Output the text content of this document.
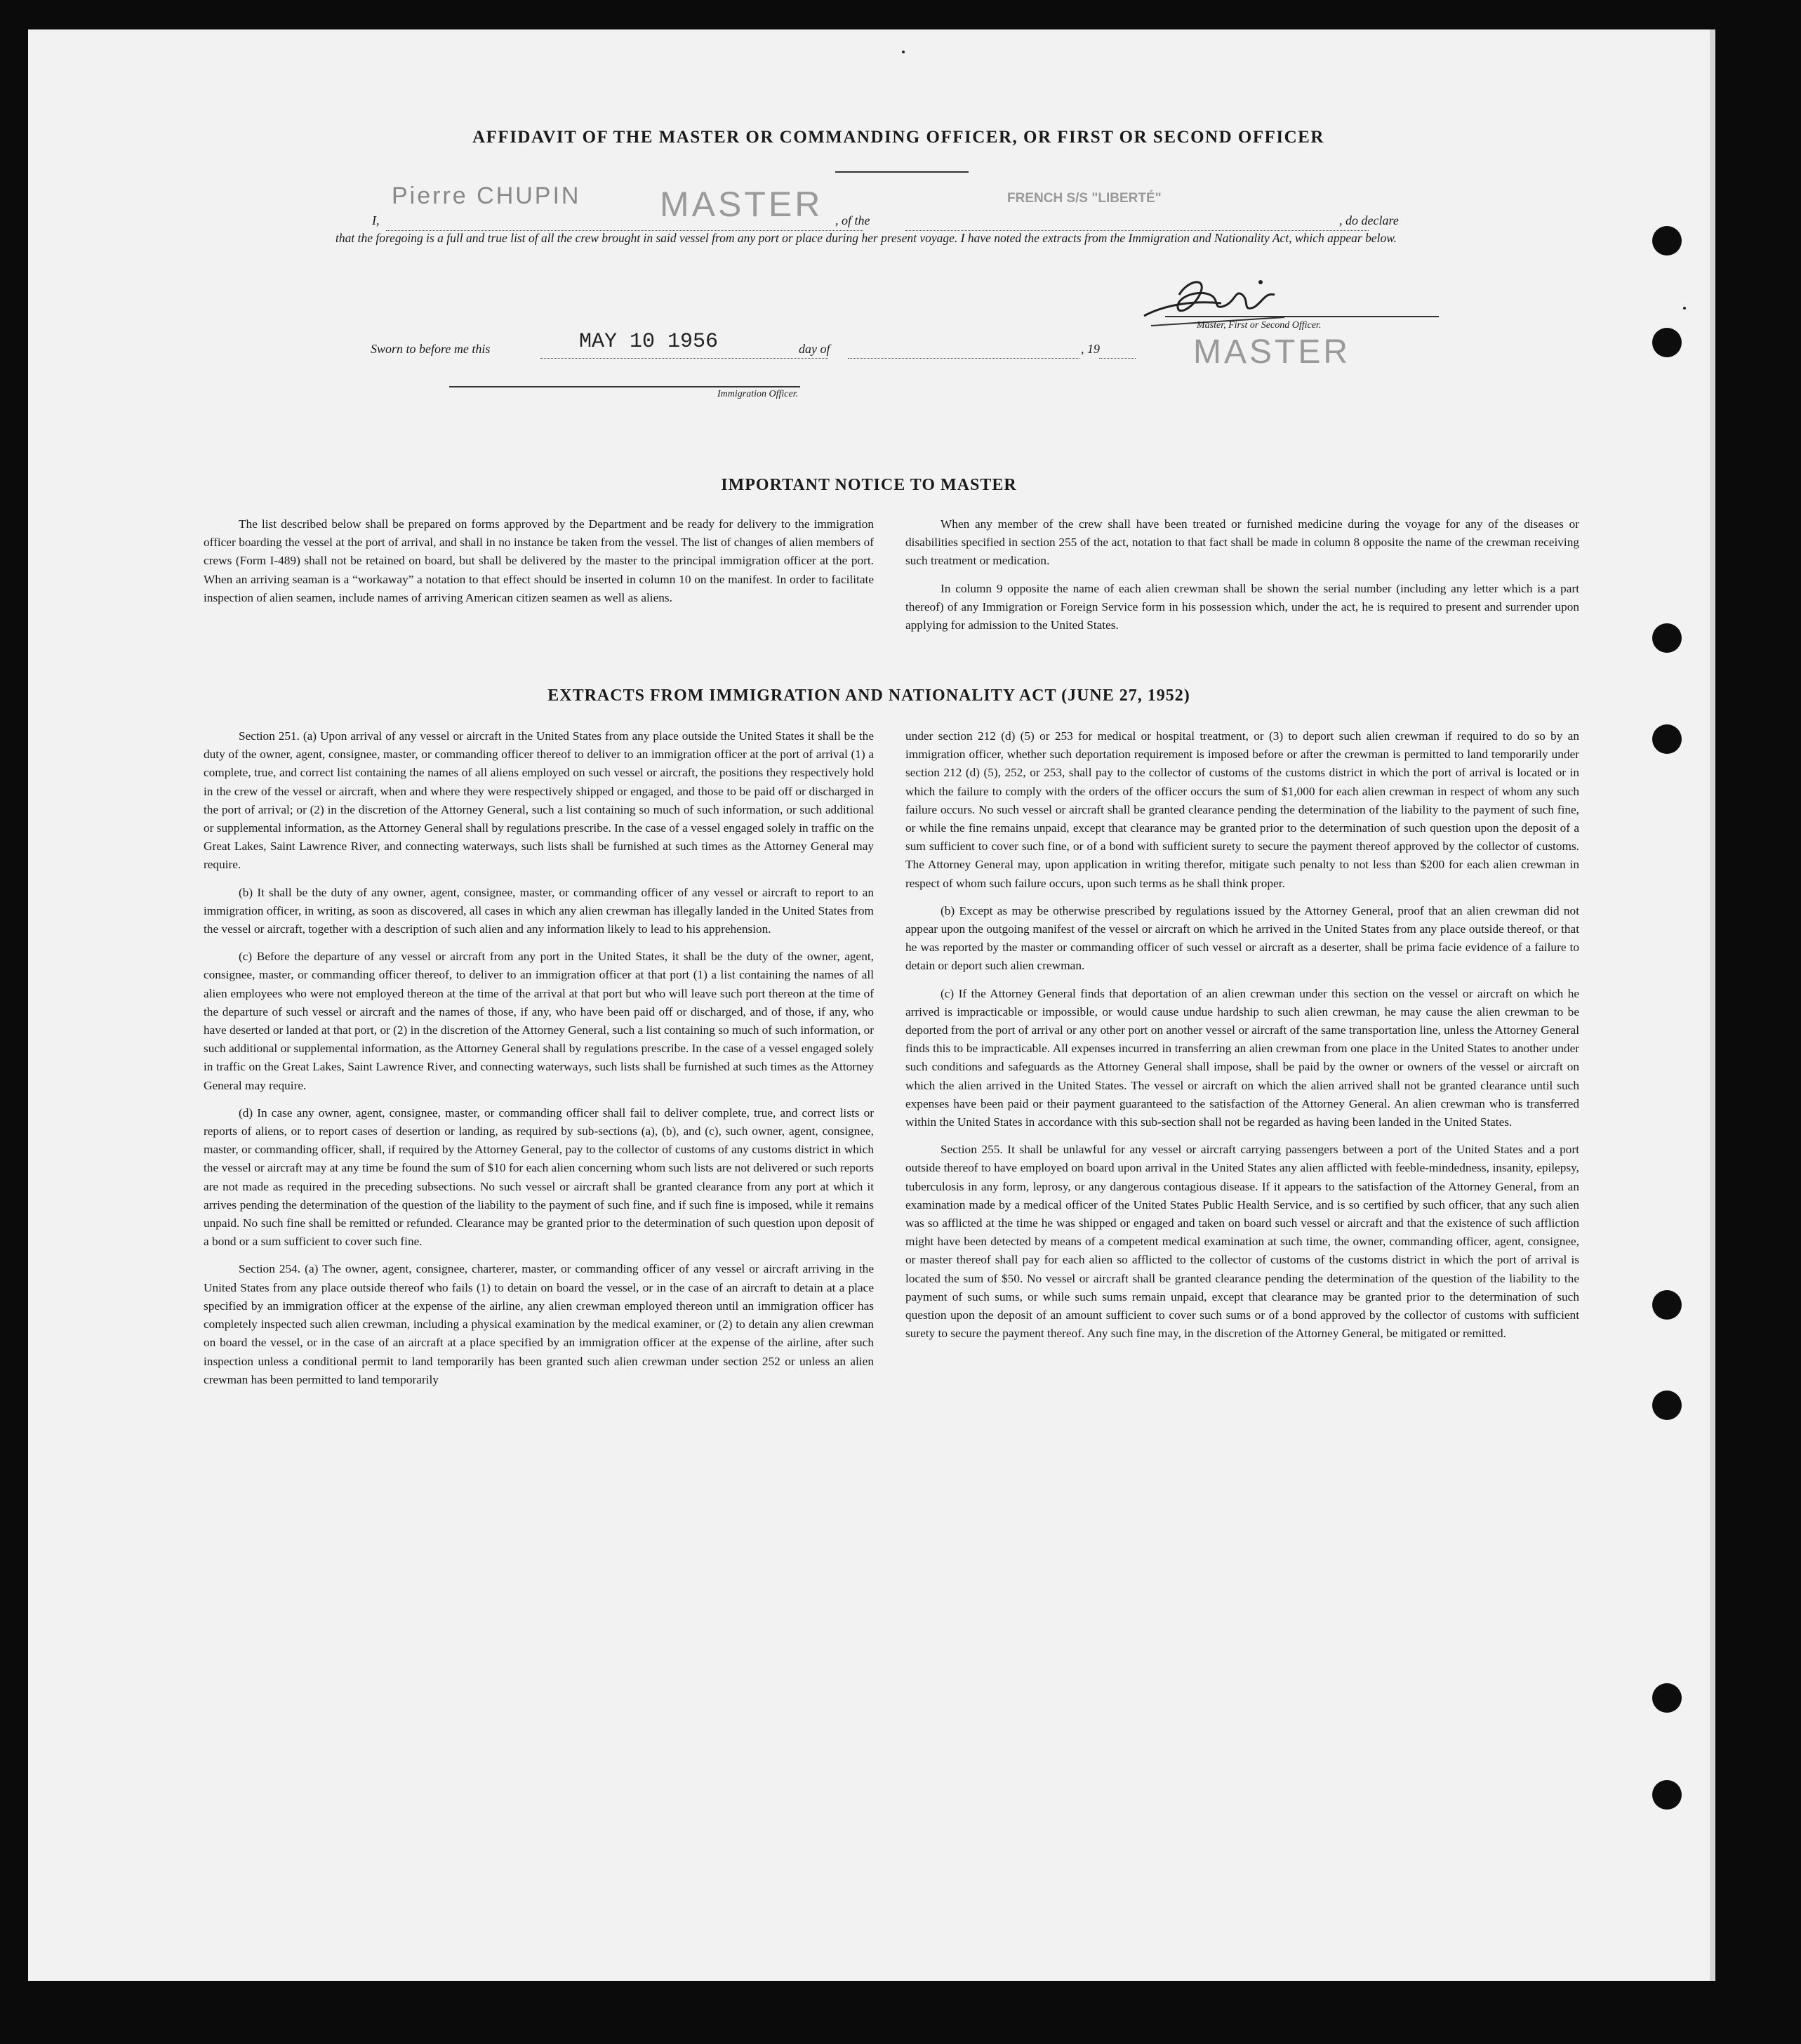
AFFIDAVIT OF THE MASTER OR COMMANDING OFFICER, OR FIRST OR SECOND OFFICER
I,
Pierre CHUPIN MASTER , of the
FRENCH S/S "LIBERTÉ"
, do declare
that the foregoing is a full and true list of all the crew brought in said vessel from any port or place during her present voyage. I have noted the extracts from the Immigration and Nationality Act, which appear below.
Master, First or Second Officer.
MASTER
Sworn to before me this	MAY 10 1956	day of	, 19
Immigration Officer.
IMPORTANT NOTICE TO MASTER

The list described below shall be prepared on forms approved by the Department and be ready for delivery to the immigration officer boarding the vessel at the port of arrival, and shall in no instance be taken from the vessel. The list of changes of alien members of crews (Form I-489) shall not be retained on board, but shall be delivered by the master to the principal immigration officer at the port. When an arriving seaman is a “workaway” a notation to that effect should be inserted in column 10 on the manifest. In order to facilitate inspection of alien seamen, include names of arriving American citizen seamen as well as aliens.

When any member of the crew shall have been treated or furnished medicine during the voyage for any of the diseases or disabilities specified in section 255 of the act, notation to that fact shall be made in column 8 opposite the name of the crewman receiving such treatment or medication.

In column 9 opposite the name of each alien crewman shall be shown the serial number (including any letter which is a part thereof) of any Immigration or Foreign Service form in his possession which, under the act, he is required to present and surrender upon applying for admission to the United States.

EXTRACTS FROM IMMIGRATION AND NATIONALITY ACT (JUNE 27, 1952)

Section 251. (a) Upon arrival of any vessel or aircraft in the United States from any place outside the United States it shall be the duty of the owner, agent, consignee, master, or commanding officer thereof to deliver to an immigration officer at the port of arrival (1) a complete, true, and correct list containing the names of all aliens employed on such vessel or aircraft, the positions they respectively hold in the crew of the vessel or aircraft, when and where they were respectively shipped or engaged, and those to be paid off or discharged in the port of arrival; or (2) in the discretion of the Attorney General, such a list containing so much of such information, or such additional or supplemental information, as the Attorney General shall by regulations prescribe. In the case of a vessel engaged solely in traffic on the Great Lakes, Saint Lawrence River, and connecting waterways, such lists shall be furnished at such times as the Attorney General may require.

(b) It shall be the duty of any owner, agent, consignee, master, or commanding officer of any vessel or aircraft to report to an immigration officer, in writing, as soon as discovered, all cases in which any alien crewman has illegally landed in the United States from the vessel or aircraft, together with a description of such alien and any information likely to lead to his apprehension.

(c) Before the departure of any vessel or aircraft from any port in the United States, it shall be the duty of the owner, agent, consignee, master, or commanding officer thereof, to deliver to an immigration officer at that port (1) a list containing the names of all alien employees who were not employed thereon at the time of the arrival at that port but who will leave such port thereon at the time of the departure of such vessel or aircraft and the names of those, if any, who have been paid off or discharged, and of those, if any, who have deserted or landed at that port, or (2) in the discretion of the Attorney General, such a list containing so much of such information, or such additional or supplemental information, as the Attorney General shall by regulations prescribe. In the case of a vessel engaged solely in traffic on the Great Lakes, Saint Lawrence River, and connecting waterways, such lists shall be furnished at such times as the Attorney General may require.

(d) In case any owner, agent, consignee, master, or commanding officer shall fail to deliver complete, true, and correct lists or reports of aliens, or to report cases of desertion or landing, as required by sub-sections (a), (b), and (c), such owner, agent, consignee, master, or commanding officer, shall, if required by the Attorney General, pay to the collector of customs of any customs district in which the vessel or aircraft may at any time be found the sum of $10 for each alien concerning whom such lists are not delivered or such reports are not made as required in the preceding subsections. No such vessel or aircraft shall be granted clearance from any port at which it arrives pending the determination of the question of the liability to the payment of such fine, and if such fine is imposed, while it remains unpaid. No such fine shall be remitted or refunded. Clearance may be granted prior to the determination of such question upon deposit of a bond or a sum sufficient to cover such fine.

Section 254. (a) The owner, agent, consignee, charterer, master, or commanding officer of any vessel or aircraft arriving in the United States from any place outside thereof who fails (1) to detain on board the vessel, or in the case of an aircraft to detain at a place specified by an immigration officer at the expense of the airline, any alien crewman employed thereon until an immigration officer has completely inspected such alien crewman, including a physical examination by the medical examiner, or (2) to detain any alien crewman on board the vessel, or in the case of an aircraft at a place specified by an immigration officer at the expense of the airline, after such inspection unless a conditional permit to land temporarily has been granted such alien crewman under section 252 or unless an alien crewman has been permitted to land temporarily

under section 212 (d) (5) or 253 for medical or hospital treatment, or (3) to deport such alien crewman if required to do so by an immigration officer, whether such deportation requirement is imposed before or after the crewman is permitted to land temporarily under section 212 (d) (5), 252, or 253, shall pay to the collector of customs of the customs district in which the port of arrival is located or in which the failure to comply with the orders of the officer occurs the sum of $1,000 for each alien crewman in respect of whom any such failure occurs. No such vessel or aircraft shall be granted clearance pending the determination of the liability to the payment of such fine, or while the fine remains unpaid, except that clearance may be granted prior to the determination of such question upon the deposit of a sum sufficient to cover such fine, or of a bond with sufficient surety to secure the payment thereof approved by the collector of customs. The Attorney General may, upon application in writing therefor, mitigate such penalty to not less than $200 for each alien crewman in respect of whom such failure occurs, upon such terms as he shall think proper.

(b) Except as may be otherwise prescribed by regulations issued by the Attorney General, proof that an alien crewman did not appear upon the outgoing manifest of the vessel or aircraft on which he arrived in the United States from any place outside thereof, or that he was reported by the master or commanding officer of such vessel or aircraft as a deserter, shall be prima facie evidence of a failure to detain or deport such alien crewman.

(c) If the Attorney General finds that deportation of an alien crewman under this section on the vessel or aircraft on which he arrived is impracticable or impossible, or would cause undue hardship to such alien crewman, he may cause the alien crewman to be deported from the port of arrival or any other port on another vessel or aircraft of the same transportation line, unless the Attorney General finds this to be impracticable. All expenses incurred in transferring an alien crewman from one place in the United States to another under such conditions and safeguards as the Attorney General shall impose, shall be paid by the owner or owners of the vessel or aircraft on which the alien arrived in the United States. The vessel or aircraft on which the alien arrived shall not be granted clearance until such expenses have been paid or their payment guaranteed to the satisfaction of the Attorney General. An alien crewman who is transferred within the United States in accordance with this sub-section shall not be regarded as having been landed in the United States.

Section 255. It shall be unlawful for any vessel or aircraft carrying passengers between a port of the United States and a port outside thereof to have employed on board upon arrival in the United States any alien afflicted with feeble-mindedness, insanity, epilepsy, tuberculosis in any form, leprosy, or any dangerous contagious disease. If it appears to the satisfaction of the Attorney General, from an examination made by a medical officer of the United States Public Health Service, and is so certified by such officer, that any such alien was so afflicted at the time he was shipped or engaged and taken on board such vessel or aircraft and that the existence of such affliction might have been detected by means of a competent medical examination at such time, the owner, commanding officer, agent, consignee, or master thereof shall pay for each alien so afflicted to the collector of customs of the customs district in which the port of arrival is located the sum of $50. No vessel or aircraft shall be granted clearance pending the determination of the question of the liability to the payment of such sums, or while such sums remain unpaid, except that clearance may be granted prior to the determination of such question upon the deposit of an amount sufficient to cover such sums or of a bond approved by the collector of customs with sufficient surety to secure the payment thereof. Any such fine may, in the discretion of the Attorney General, be mitigated or remitted.
